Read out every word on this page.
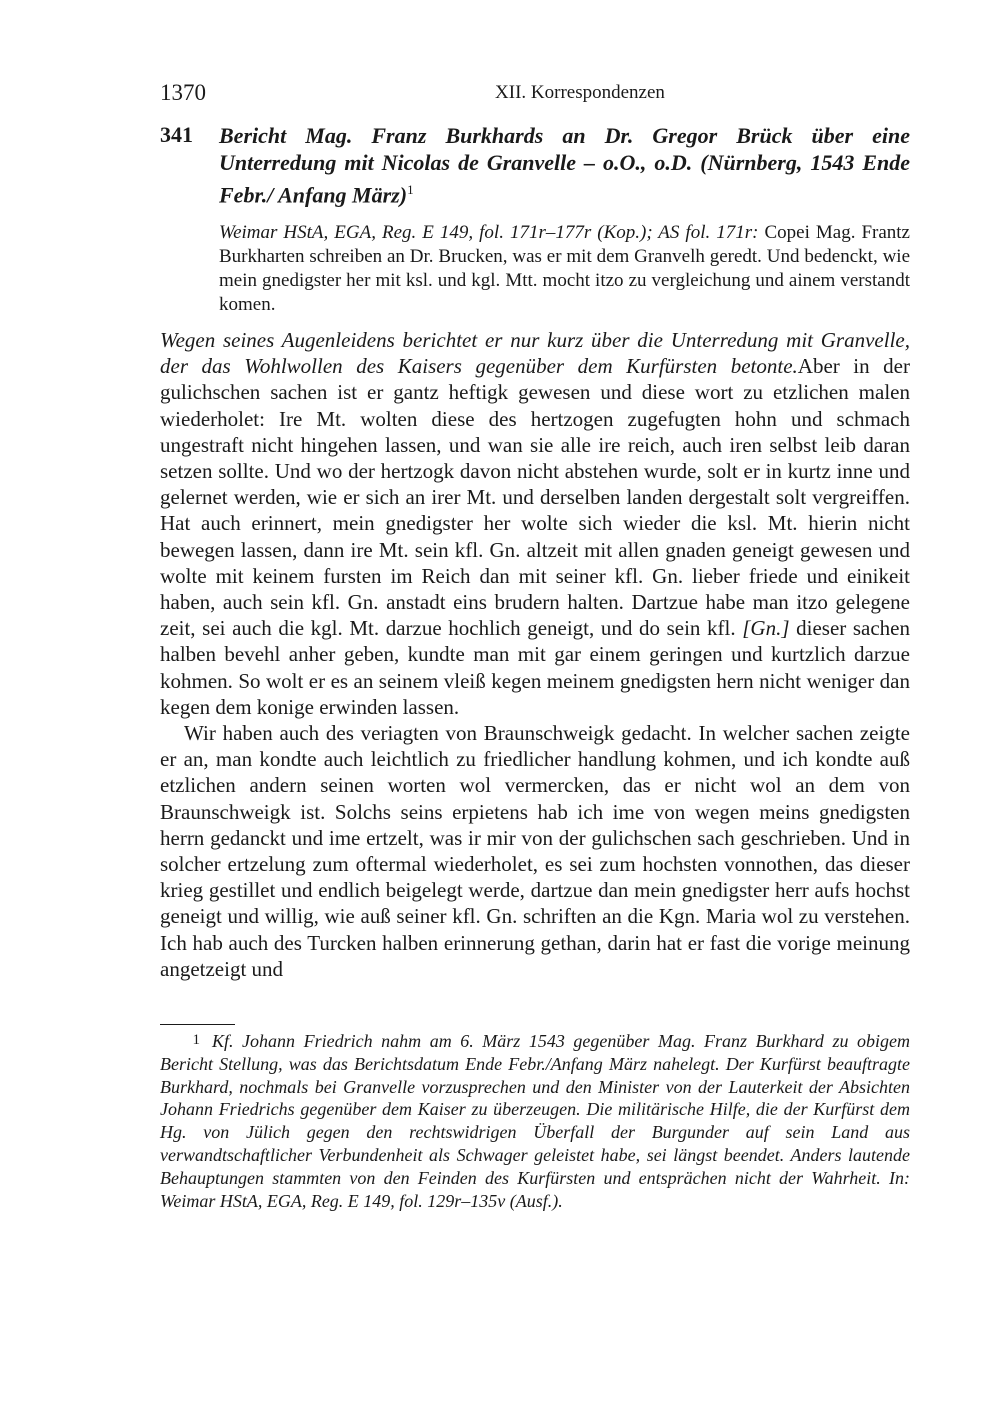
1370	XII. Korrespondenzen
341 Bericht Mag. Franz Burkhards an Dr. Gregor Brück über eine Unterredung mit Nicolas de Granvelle – o.O., o.D. (Nürnberg, 1543 Ende Febr./ Anfang März)$^1$
Weimar HStA, EGA, Reg. E 149, fol. 171r–177r (Kop.); AS fol. 171r: Copei Mag. Frantz Burkharten schreiben an Dr. Brucken, was er mit dem Granvelh geredt. Und bedenckt, wie mein gnedigster her mit ksl. und kgl. Mtt. mocht itzo zu vergleichung und ainem verstandt komen.

Wegen seines Augenleidens berichtet er nur kurz über die Unterredung mit Granvelle, der das Wohlwollen des Kaisers gegenüber dem Kurfürsten betonte.Aber in der gulichschen sachen ist er gantz heftigk gewesen und diese wort zu etzlichen malen wiederholet: Ire Mt. wolten diese des hertzogen zugefugten hohn und schmach ungestraft nicht hingehen lassen, und wan sie alle ire reich, auch iren selbst leib daran setzen sollte. Und wo der hertzogk davon nicht abstehen wurde, solt er in kurtz inne und gelernet werden, wie er sich an irer Mt. und derselben landen dergestalt solt vergreiffen. Hat auch erinnert, mein gnedigster her wolte sich wieder die ksl. Mt. hierin nicht bewegen lassen, dann ire Mt. sein kfl. Gn. altzeit mit allen gnaden geneigt gewesen und wolte mit keinem fursten im Reich dan mit seiner kfl. Gn. lieber friede und einikeit haben, auch sein kfl. Gn. anstadt eins brudern halten. Dartzue habe man itzo gelegene zeit, sei auch die kgl. Mt. darzue hochlich geneigt, und do sein kfl. [Gn.] dieser sachen halben bevehl anher geben, kundte man mit gar einem geringen und kurtzlich darzue kohmen. So wolt er es an seinem vleiß kegen meinem gnedigsten hern nicht weniger dan kegen dem konige erwinden lassen.

Wir haben auch des veriagten von Braunschweigk gedacht. In welcher sachen zeigte er an, man kondte auch leichtlich zu friedlicher handlung kohmen, und ich kondte auß etzlichen andern seinen worten wol vermercken, das er nicht wol an dem von Braunschweigk ist. Solchs seins erpietens hab ich ime von wegen meins gnedigsten herrn gedanckt und ime ertzelt, was ir mir von der gulichschen sach geschrieben. Und in solcher ertzelung zum oftermal wiederholet, es sei zum hochsten vonnothen, das dieser krieg gestillet und endlich beigelegt werde, dartzue dan mein gnedigster herr aufs hochst geneigt und willig, wie auß seiner kfl. Gn. schriften an die Kgn. Maria wol zu verstehen. Ich hab auch des Turcken halben erinnerung gethan, darin hat er fast die vorige meinung angetzeigt und

1 Kf. Johann Friedrich nahm am 6. März 1543 gegenüber Mag. Franz Burkhard zu obigem Bericht Stellung, was das Berichtsdatum Ende Febr./Anfang März nahelegt. Der Kurfürst beauftragte Burkhard, nochmals bei Granvelle vorzusprechen und den Minister von der Lauterkeit der Absichten Johann Friedrichs gegenüber dem Kaiser zu überzeugen. Die militärische Hilfe, die der Kurfürst dem Hg. von Jülich gegen den rechtswidrigen Überfall der Burgunder auf sein Land aus verwandtschaftlicher Verbundenheit als Schwager geleistet habe, sei längst beendet. Anders lautende Behauptungen stammten von den Feinden des Kurfürsten und entsprächen nicht der Wahrheit. In: Weimar HStA, EGA, Reg. E 149, fol. 129r–135v (Ausf.).
